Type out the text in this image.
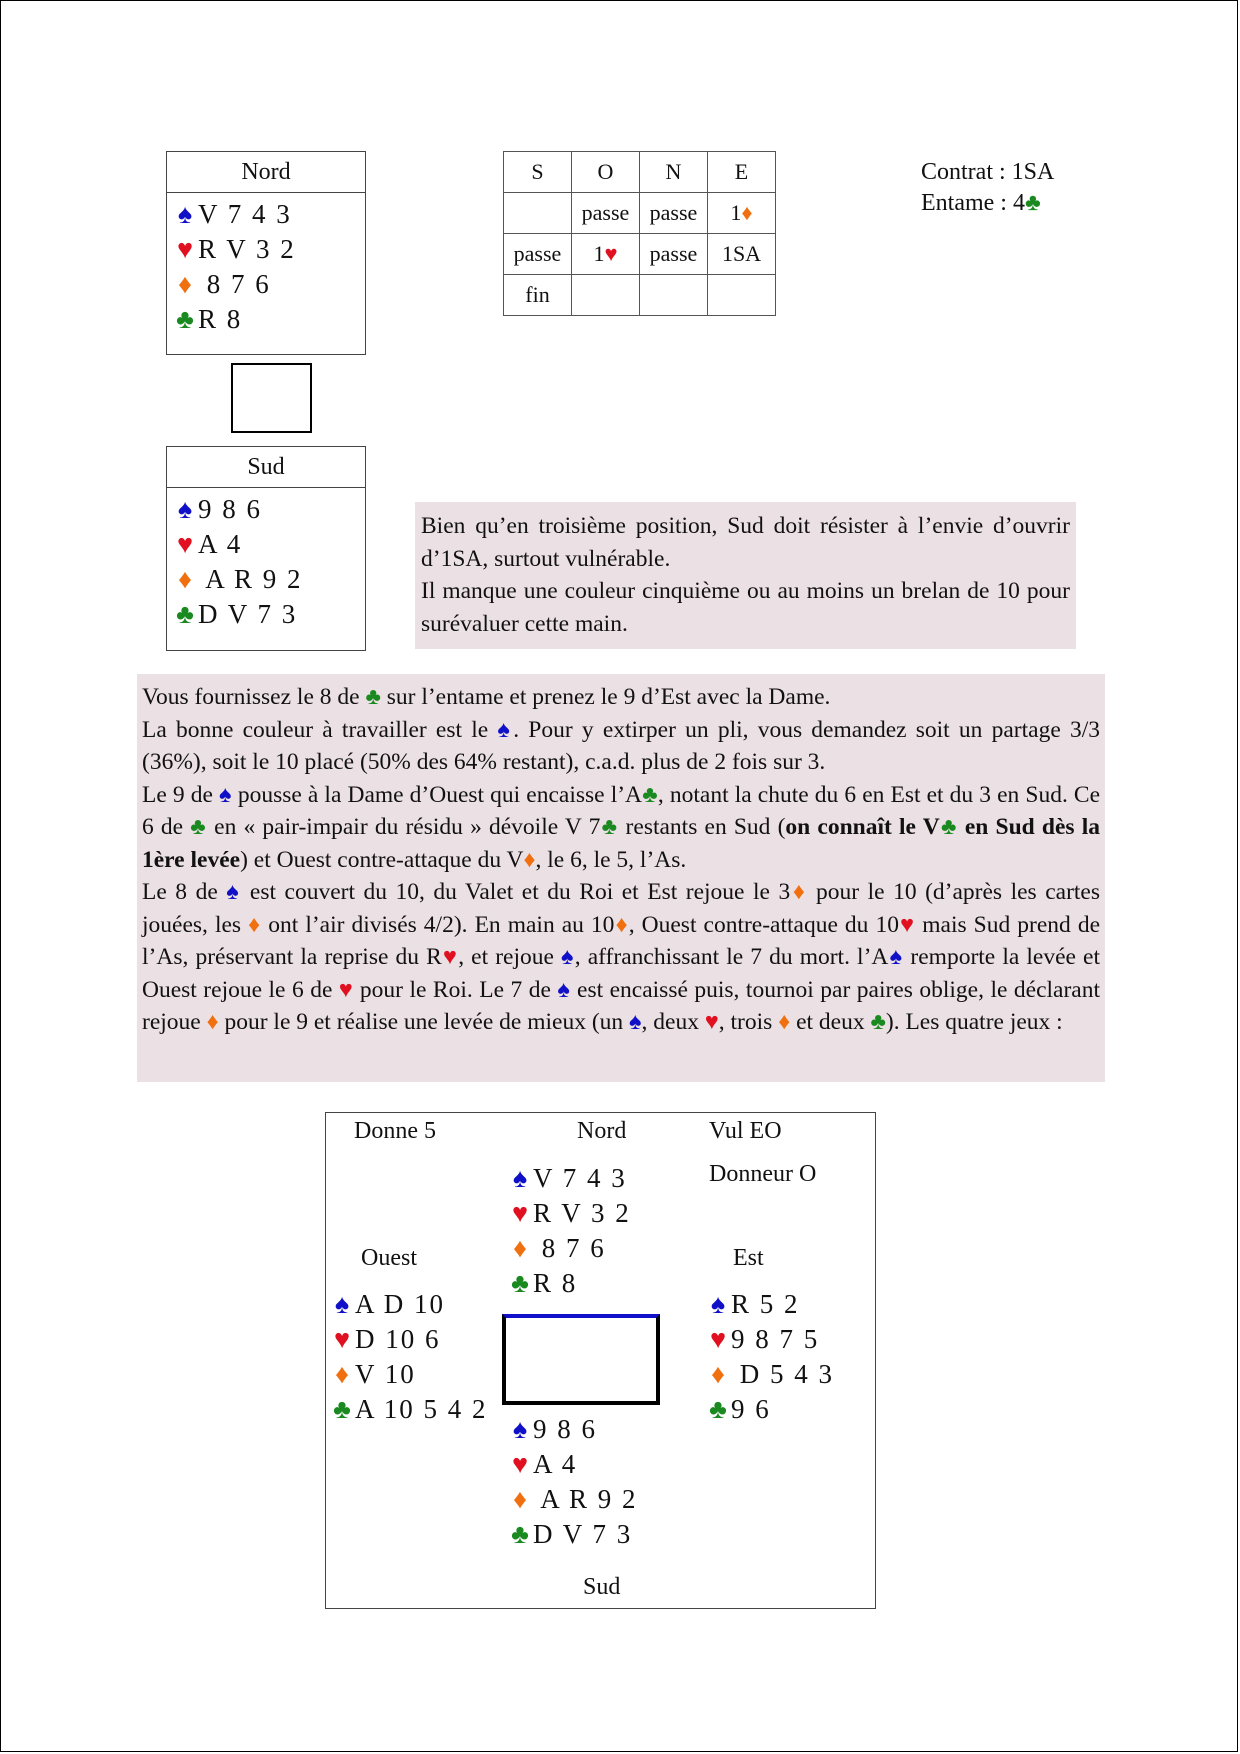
Nord
♠ V 7 4 3
♥ R V 3 2
♦ 8 7 6
♣ R 8
Sud
♠ 9 8 6
♥ A 4
♦ A R 9 2
♣ D V 7 3
S	O	N	E
	passe	passe	1♦
passe	1♥	passe	1SA
fin			
Contrat : 1SA
Entame : 4♣

Bien qu’en troisième position, Sud doit résister à l’envie d’ouvrir d’1SA, surtout vulnérable.

Il manque une couleur cinquième ou au moins un brelan de 10 pour surévaluer cette main.

Vous fournissez le 8 de ♣ sur l’entame et prenez le 9 d’Est avec la Dame.

La bonne couleur à travailler est le ♠. Pour y extirper un pli, vous demandez soit un partage 3/3 (36%), soit le 10 placé (50% des 64% restant), c.a.d. plus de 2 fois sur 3.

Le 9 de ♠ pousse à la Dame d’Ouest qui encaisse l’A♣, notant la chute du 6 en Est et du 3 en Sud. Ce 6 de ♣ en « pair-impair du résidu » dévoile V 7♣ restants en Sud (on connaît le V♣ en Sud dès la 1ère levée) et Ouest contre-attaque du V♦, le 6, le 5, l’As.

Le 8 de ♠ est couvert du 10, du Valet et du Roi et Est rejoue le 3♦ pour le 10 (d’après les cartes jouées, les ♦ ont l’air divisés 4/2). En main au 10♦, Ouest contre-attaque du 10♥ mais Sud prend de l’As, préservant la reprise du R♥, et rejoue ♠, affranchissant le 7 du mort. l’A♠ remporte la levée et Ouest rejoue le 6 de ♥ pour le Roi. Le 7 de ♠ est encaissé puis, tournoi par paires oblige, le déclarant rejoue ♦ pour le 9 et réalise une levée de mieux (un ♠, deux ♥, trois ♦ et deux ♣). Les quatre jeux :

Donne 5	Nord	Vul EO
Donneur O
Ouest	Est
Sud
♠ V 7 4 3
♥ R V 3 2
♦ 8 7 6
♣ R 8
♠ A D 10
♥ D 10 6
♦ V 10
♣ A 10 5 4 2
♠ R 5 2
♥ 9 8 7 5
♦ D 5 4 3
♣ 9 6
♠ 9 8 6
♥ A 4
♦ A R 9 2
♣ D V 7 3
